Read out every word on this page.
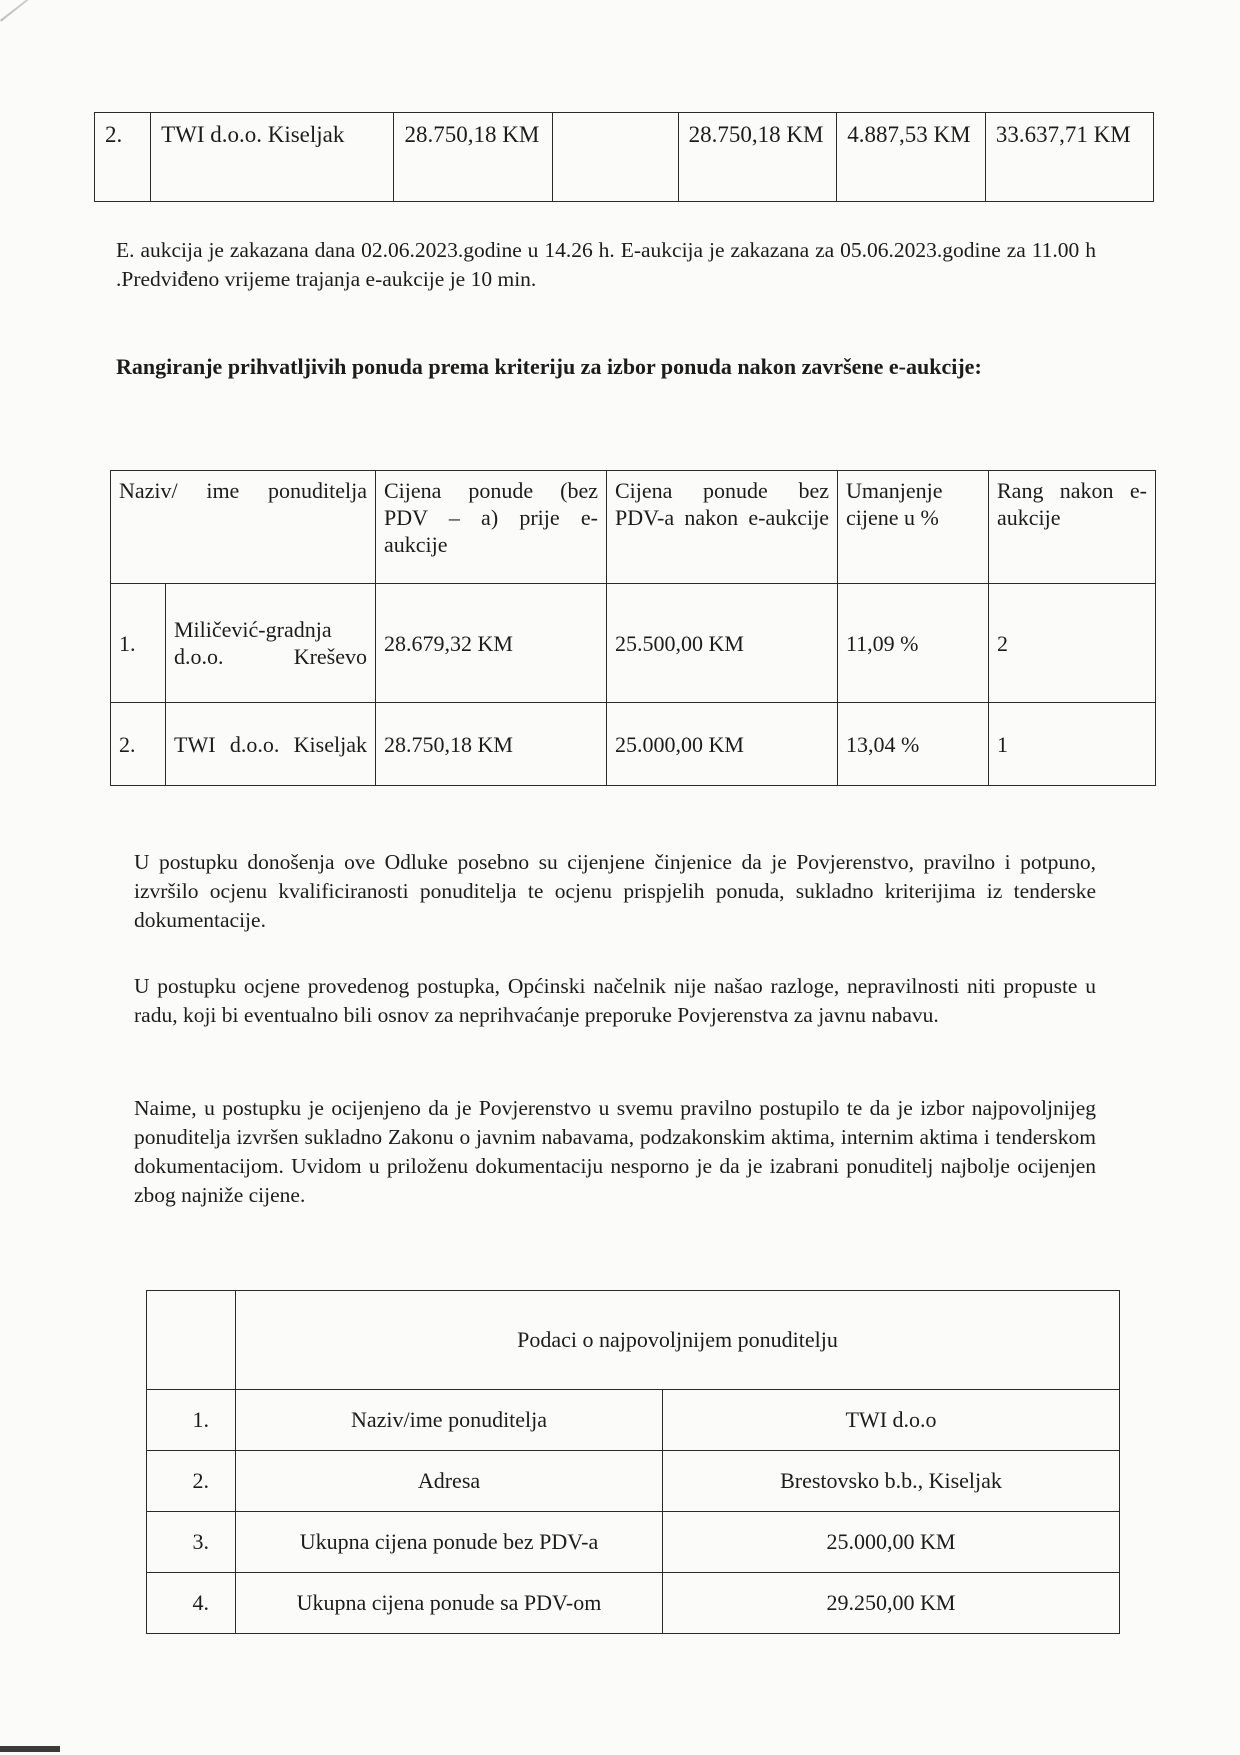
2.	TWI d.o.o. Kiseljak	28.750,18 KM		28.750,18 KM	4.887,53 KM	33.637,71 KM
E. aukcija je zakazana dana 02.06.2023.godine u 14.26 h. E-aukcija je zakazana za 05.06.2023.godine za 11.00 h .Predviđeno vrijeme trajanja e-aukcije je 10 min.
Rangiranje prihvatljivih ponuda prema kriteriju za izbor ponuda nakon završene e-aukcije:
Naziv/ ime ponuditelja		Cijena ponude (bez PDV – a) prije e-aukcije	Cijena ponude bez PDV-a nakon e-aukcije	Umanjenje cijene u %	Rang nakon e-aukcije
1.	Miličević-gradnja d.o.o. Kreševo	28.679,32 KM	25.500,00 KM	11,09 %	2
2.	TWI d.o.o. Kiseljak	28.750,18 KM	25.000,00 KM	13,04 %	1
U postupku donošenja ove Odluke posebno su cijenjene činjenice da je Povjerenstvo, pravilno i potpuno, izvršilo ocjenu kvalificiranosti ponuditelja te ocjenu prispjelih ponuda, sukladno kriterijima iz tenderske dokumentacije.
U postupku ocjene provedenog postupka, Općinski načelnik nije našao razloge, nepravilnosti niti propuste u radu, koji bi eventualno bili osnov za neprihvaćanje preporuke Povjerenstva za javnu nabavu.
Naime, u postupku je ocijenjeno da je Povjerenstvo u svemu pravilno postupilo te da je izbor najpovoljnijeg ponuditelja izvršen sukladno Zakonu o javnim nabavama, podzakonskim aktima, internim aktima i tenderskom dokumentacijom. Uvidom u priloženu dokumentaciju nesporno je da je izabrani ponuditelj najbolje ocijenjen zbog najniže cijene.
	Podaci o najpovoljnijem ponuditelju	
1.	Naziv/ime ponuditelja	TWI d.o.o
2.	Adresa	Brestovsko b.b., Kiseljak
3.	Ukupna cijena ponude bez PDV-a	25.000,00 KM
4.	Ukupna cijena ponude sa PDV-om	29.250,00 KM
